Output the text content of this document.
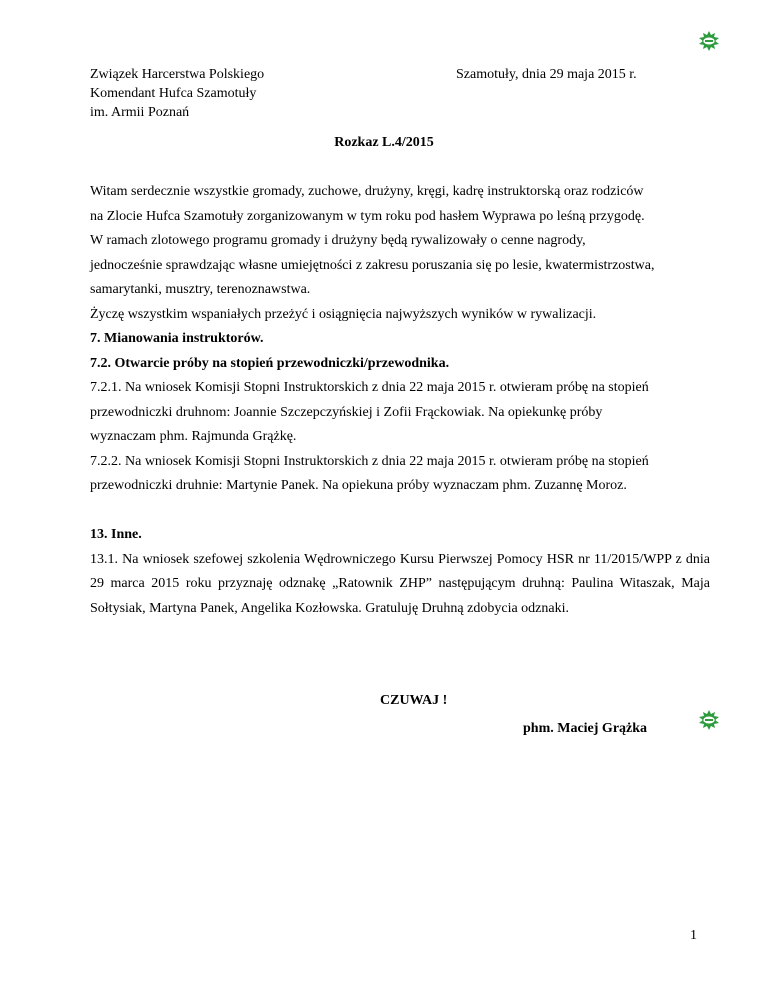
Związek Harcerstwa Polskiego
Komendant Hufca Szamotuły
im. Armii Poznań
Szamotuły, dnia 29 maja 2015 r.
Rozkaz L.4/2015

Witam serdecznie wszystkie gromady, zuchowe, drużyny, kręgi, kadrę instruktorską oraz rodziców

na Zlocie Hufca Szamotuły zorganizowanym w tym roku pod hasłem Wyprawa po leśną przygodę.

W ramach zlotowego programu gromady i drużyny będą rywalizowały o cenne nagrody,

jednocześnie sprawdzając własne umiejętności z zakresu poruszania się po lesie, kwatermistrzostwa,

samarytanki, musztry, terenoznawstwa.

Życzę wszystkim wspaniałych przeżyć i osiągnięcia najwyższych wyników w rywalizacji.

7. Mianowania instruktorów.

7.2. Otwarcie próby na stopień przewodniczki/przewodnika.

7.2.1. Na wniosek Komisji Stopni Instruktorskich z dnia 22 maja 2015 r. otwieram próbę na stopień

przewodniczki druhnom: Joannie Szczepczyńskiej i Zofii Frąckowiak. Na opiekunkę próby

wyznaczam phm. Rajmunda Grążkę.

7.2.2. Na wniosek Komisji Stopni Instruktorskich z dnia 22 maja 2015 r. otwieram próbę na stopień

przewodniczki druhnie: Martynie Panek. Na opiekuna próby wyznaczam phm. Zuzannę Moroz.

13. Inne.

13.1. Na wniosek szefowej szkolenia Wędrowniczego Kursu Pierwszej Pomocy HSR nr 11/2015/WPP z dnia 29 marca 2015 roku przyznaję odznakę „Ratownik ZHP” następującym druhną: Paulina Witaszak, Maja Sołtysiak, Martyna Panek, Angelika Kozłowska. Gratuluję Druhną zdobycia odznaki.

CZUWAJ !
phm. Maciej Grążka
1
